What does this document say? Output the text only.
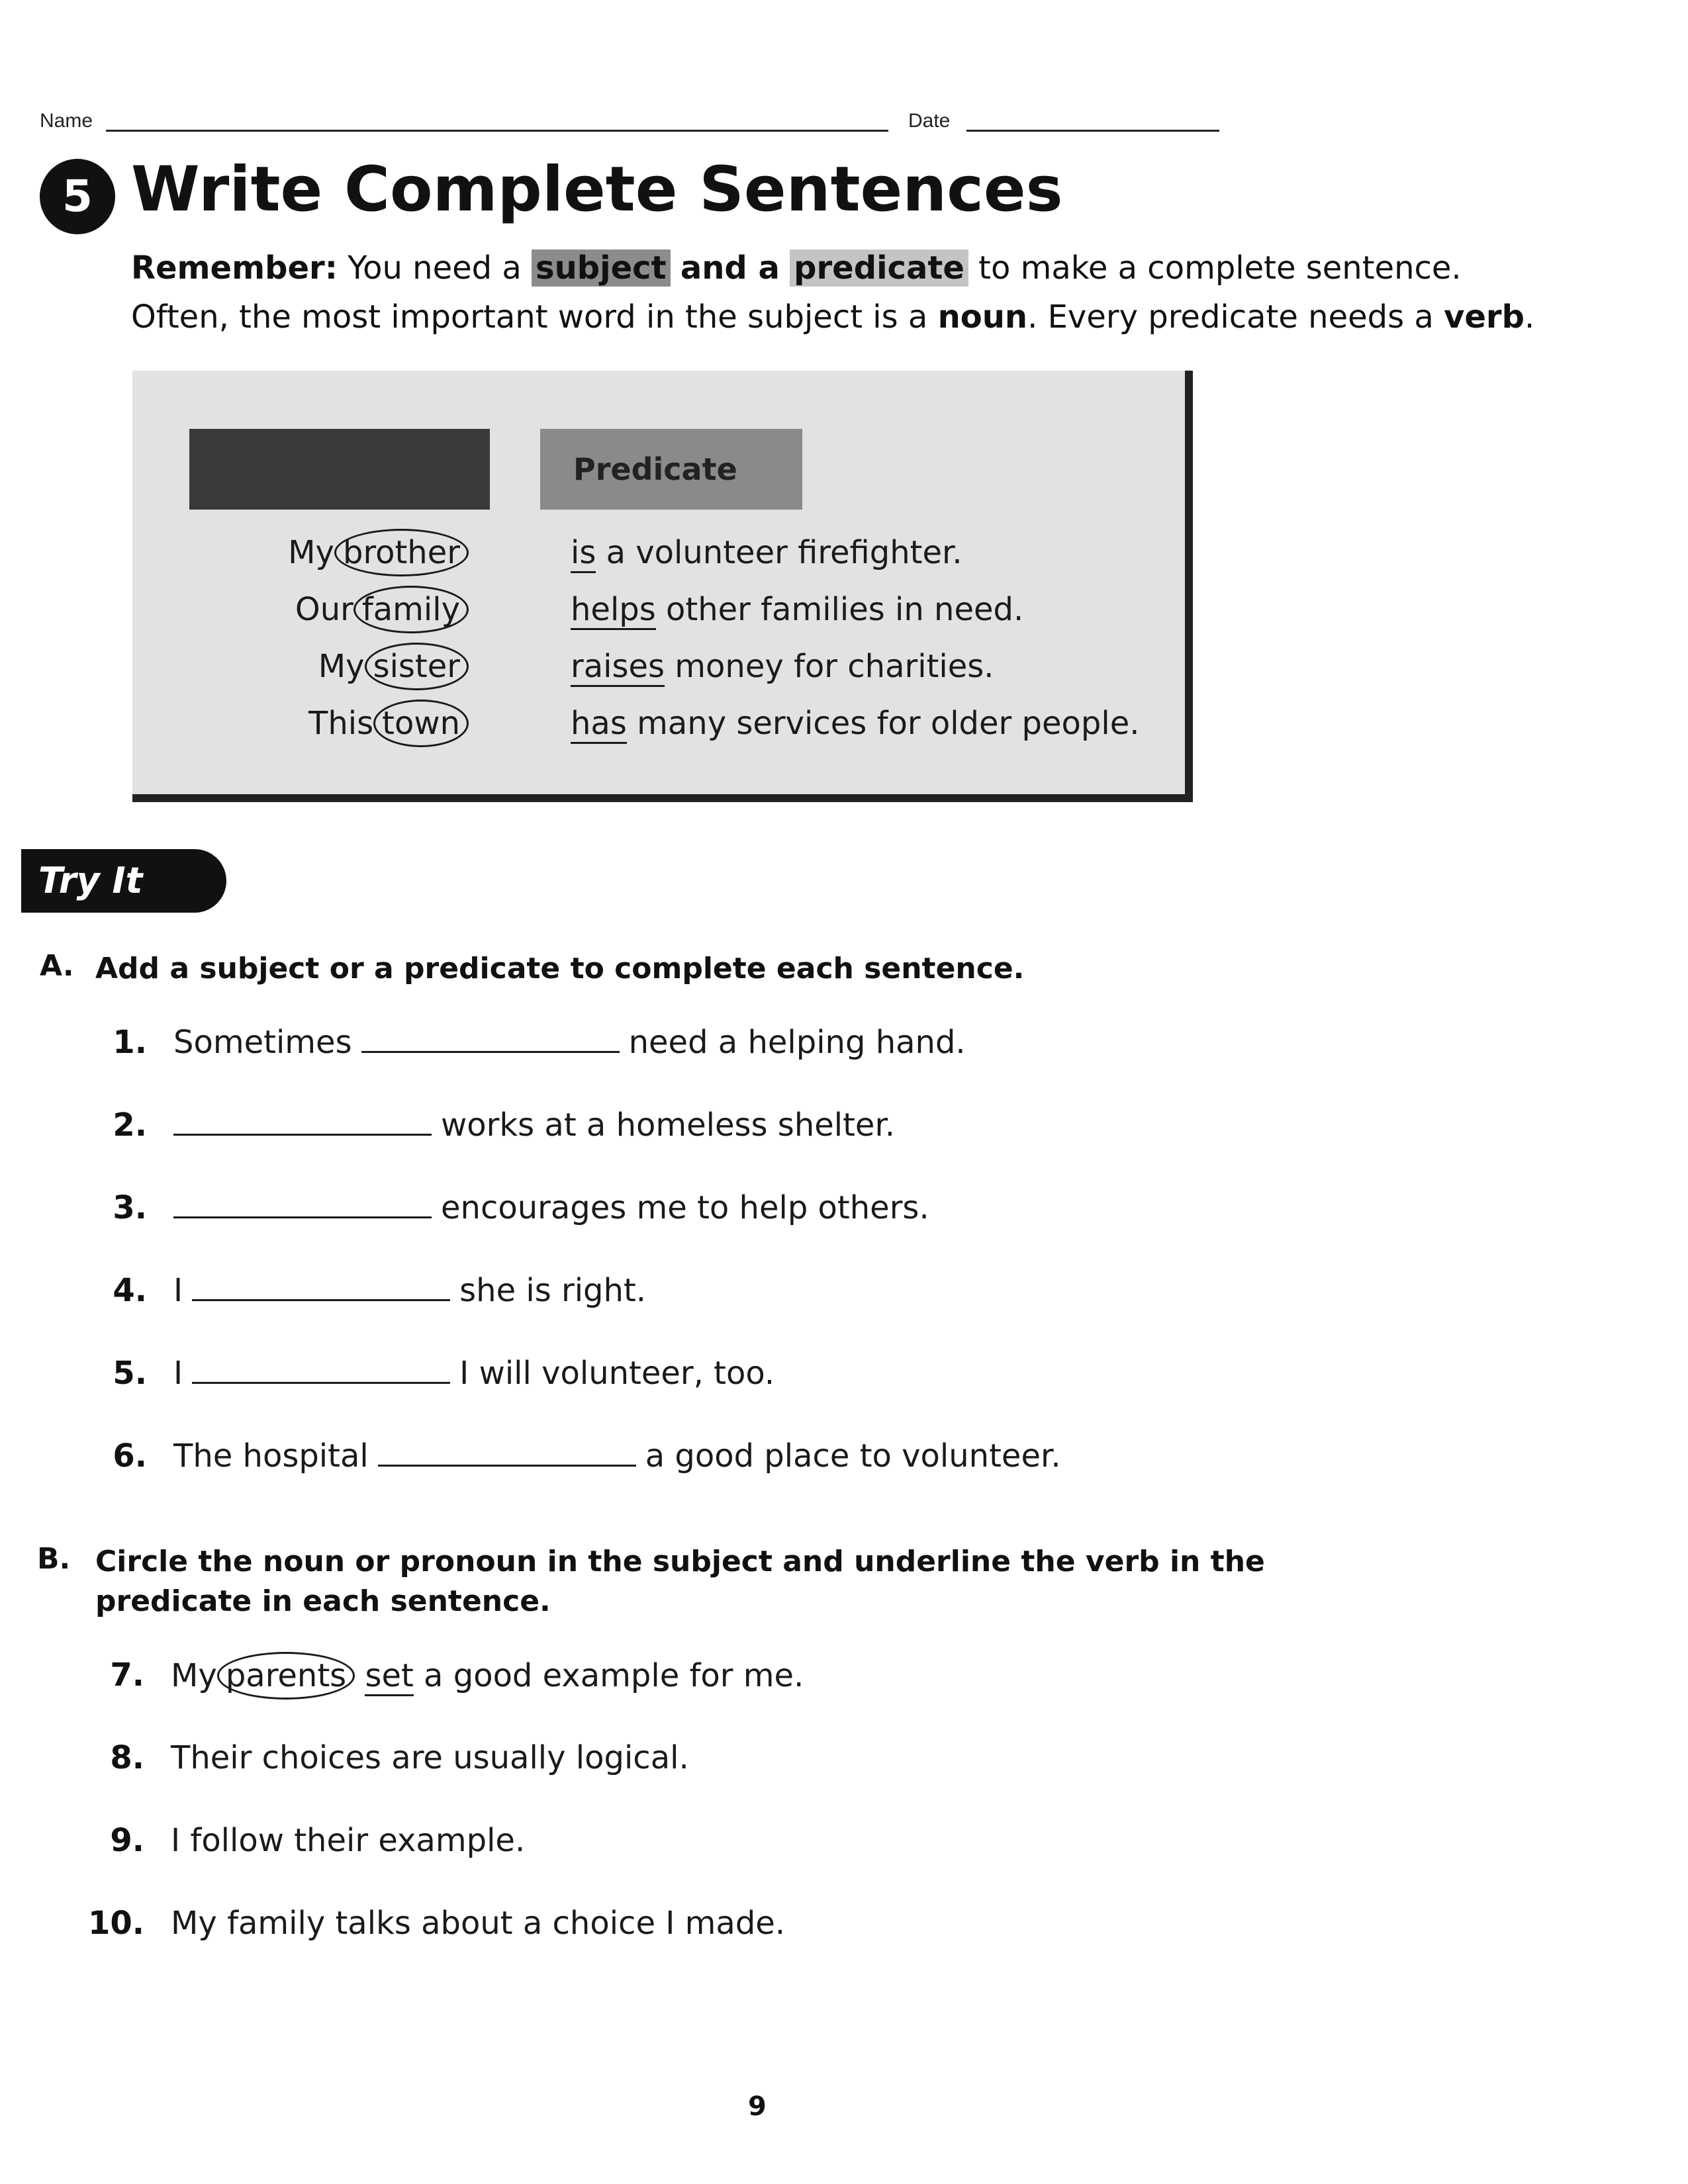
Name	Date
5 Write Complete Sentences
Remember: You need a subject and a predicate to make a complete sentence.
Often, the most important word in the subject is a noun. Every predicate needs a verb.
Subject	Predicate
My brother	is a volunteer firefighter.
Our family	helps other families in need.
My sister	raises money for charities.
This town	has many services for older people.
Try It
A. Add a subject or a predicate to complete each sentence.
1. Sometimes	need a helping hand.
2.	works at a homeless shelter.
3.	encourages me to help others.
4. I	she is right.
5. I	I will volunteer, too.
6. The hospital	a good place to volunteer.
B. Circle the noun or pronoun in the subject and underline the verb in the
predicate in each sentence.
7. My parents set a good example for me.
8. Their choices are usually logical.
9. I follow their example.
10. My family talks about a choice I made.
9
